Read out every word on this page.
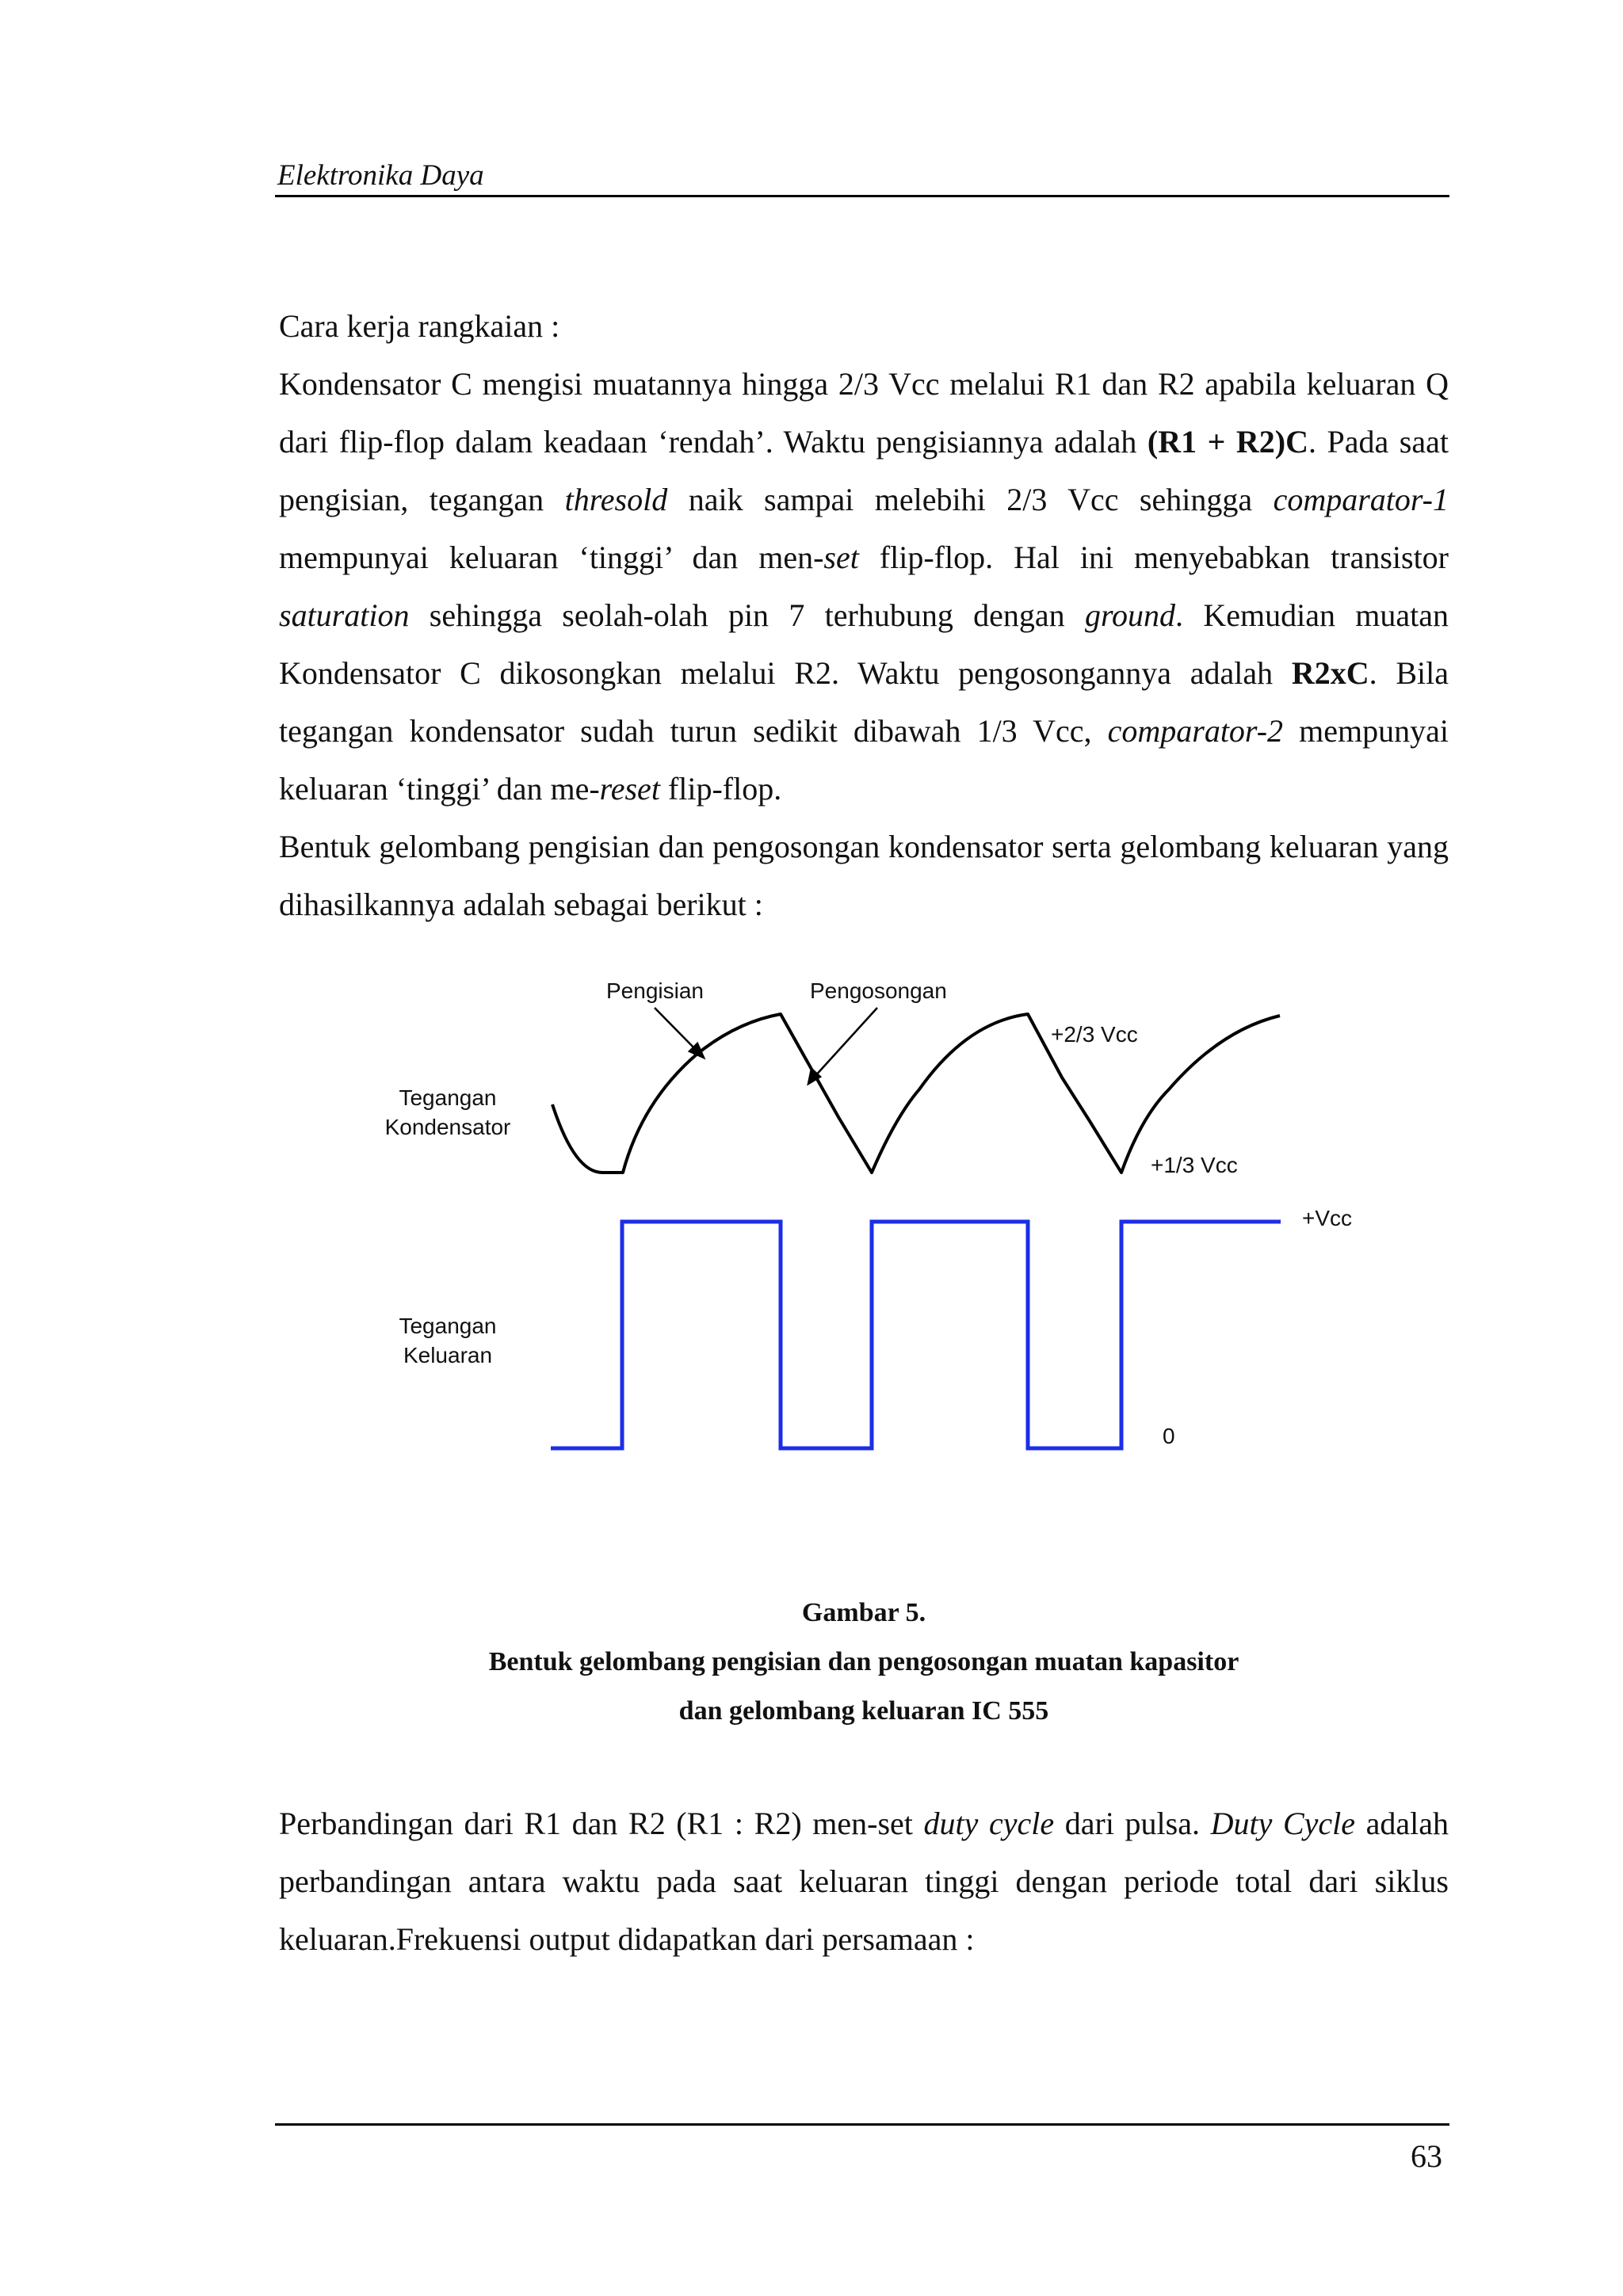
Elektronika Daya

Cara kerja rangkaian :

Kondensator C mengisi muatannya hingga 2/3 Vcc melalui R1 dan R2 apabila keluaran Q dari flip-flop dalam keadaan ‘rendah’. Waktu pengisiannya adalah (R1 + R2)C. Pada saat pengisian, tegangan thresold naik sampai melebihi 2/3 Vcc sehingga comparator-1 mempunyai keluaran ‘tinggi’ dan men-set flip-flop. Hal ini menyebabkan transistor saturation sehingga seolah-olah pin 7 terhubung dengan ground. Kemudian muatan Kondensator C dikosongkan melalui R2. Waktu pengosongannya adalah R2xC. Bila tegangan kondensator sudah turun sedikit dibawah 1/3 Vcc, comparator-2 mempunyai keluaran ‘tinggi’ dan me-reset flip-flop.

Bentuk gelombang pengisian dan pengosongan kondensator serta gelombang keluaran yang dihasilkannya adalah sebagai berikut :

Pengisian	Pengosongan
+2/3 Vcc
+1/3 Vcc
Tegangan
Kondensator
Tegangan
Keluaran
+Vcc
0
Gambar 5.
Bentuk gelombang pengisian dan pengosongan muatan kapasitor
dan gelombang keluaran IC 555

Perbandingan dari R1 dan R2 (R1 : R2) men-set duty cycle dari pulsa. Duty Cycle adalah perbandingan antara waktu pada saat keluaran tinggi dengan periode total dari siklus keluaran.Frekuensi output didapatkan dari persamaan :

63
